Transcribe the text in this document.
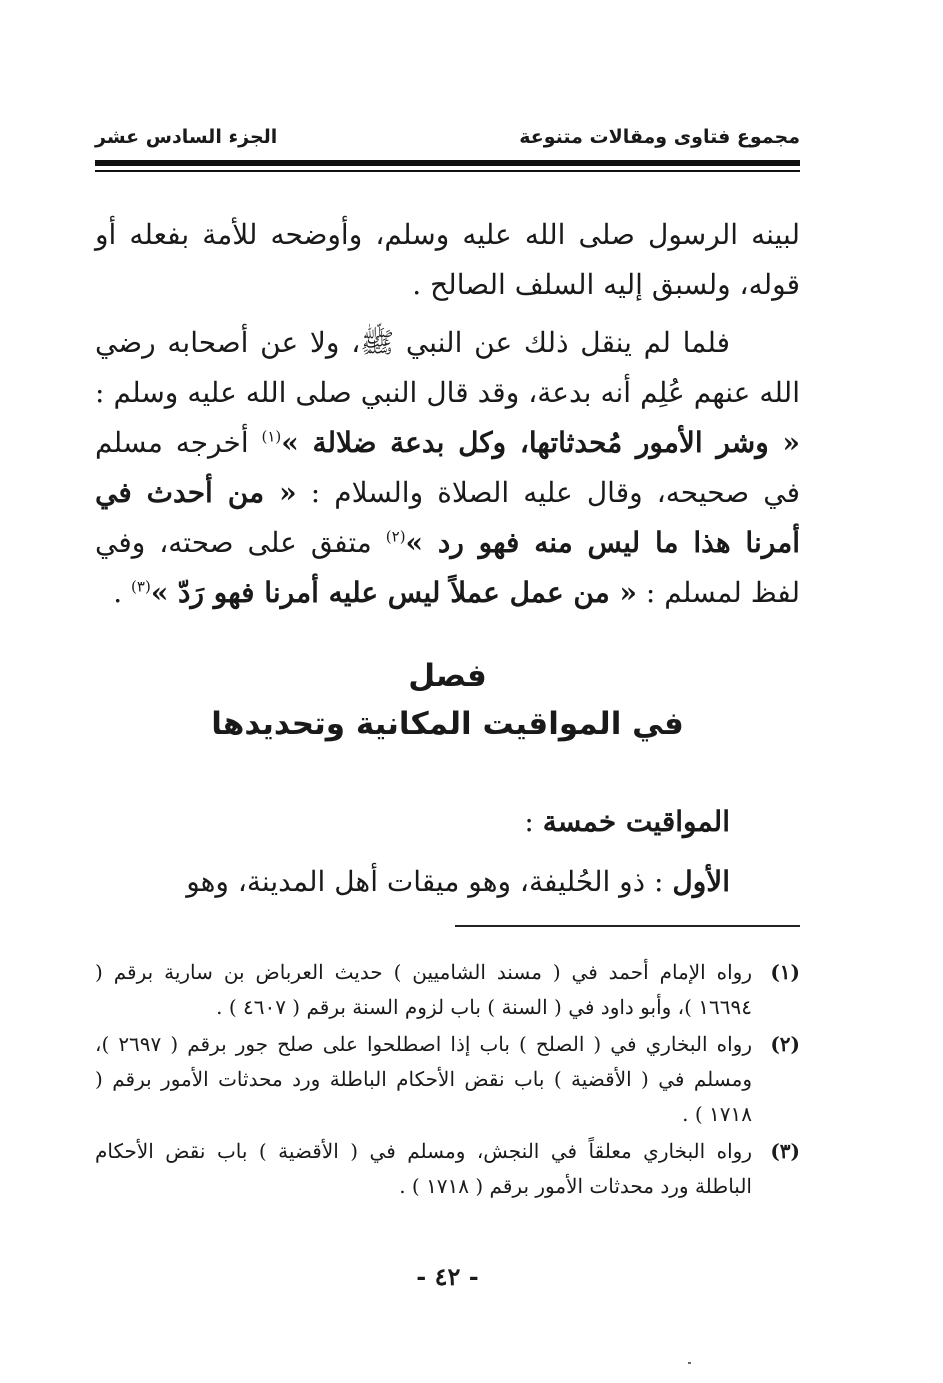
مجموع فتاوى ومقالات متنوعة
الجزء السادس عشر

لبينه الرسول صلى الله عليه وسلم، وأوضحه للأمة بفعله أو قوله، ولسبق إليه السلف الصالح .

فلما لم ينقل ذلك عن النبي ﷺ، ولا عن أصحابه رضي الله عنهم عُلِم أنه بدعة، وقد قال النبي صلى الله عليه وسلم : « وشر الأمور مُحدثاتها، وكل بدعة ضلالة »$^{(١)}$ أخرجه مسلم في صحيحه، وقال عليه الصلاة والسلام : « من أحدث في أمرنا هذا ما ليس منه فهو رد »$^{(٢)}$ متفق على صحته، وفي لفظ لمسلم : « من عمل عملاً ليس عليه أمرنا فهو رَدّ »$^{(٣)}$ .

فصل
في المواقيت المكانية وتحديدها
المواقيت خمسة :
الأول : ذو الحُليفة، وهو ميقات أهل المدينة، وهو
(١)
رواه الإمام أحمد في ( مسند الشاميين ) حديث العرباض بن سارية برقم ( ١٦٦٩٤ )، وأبو داود في ( السنة ) باب لزوم السنة برقم ( ٤٦٠٧ ) .
(٢)
رواه البخاري في ( الصلح ) باب إذا اصطلحوا على صلح جور برقم ( ٢٦٩٧ )، ومسلم في ( الأقضية ) باب نقض الأحكام الباطلة ورد محدثات الأمور برقم ( ١٧١٨ ) .
(٣)
رواه البخاري معلقاً في النجش، ومسلم في ( الأقضية ) باب نقض الأحكام الباطلة ورد محدثات الأمور برقم ( ١٧١٨ ) .
- ٤٢ -
